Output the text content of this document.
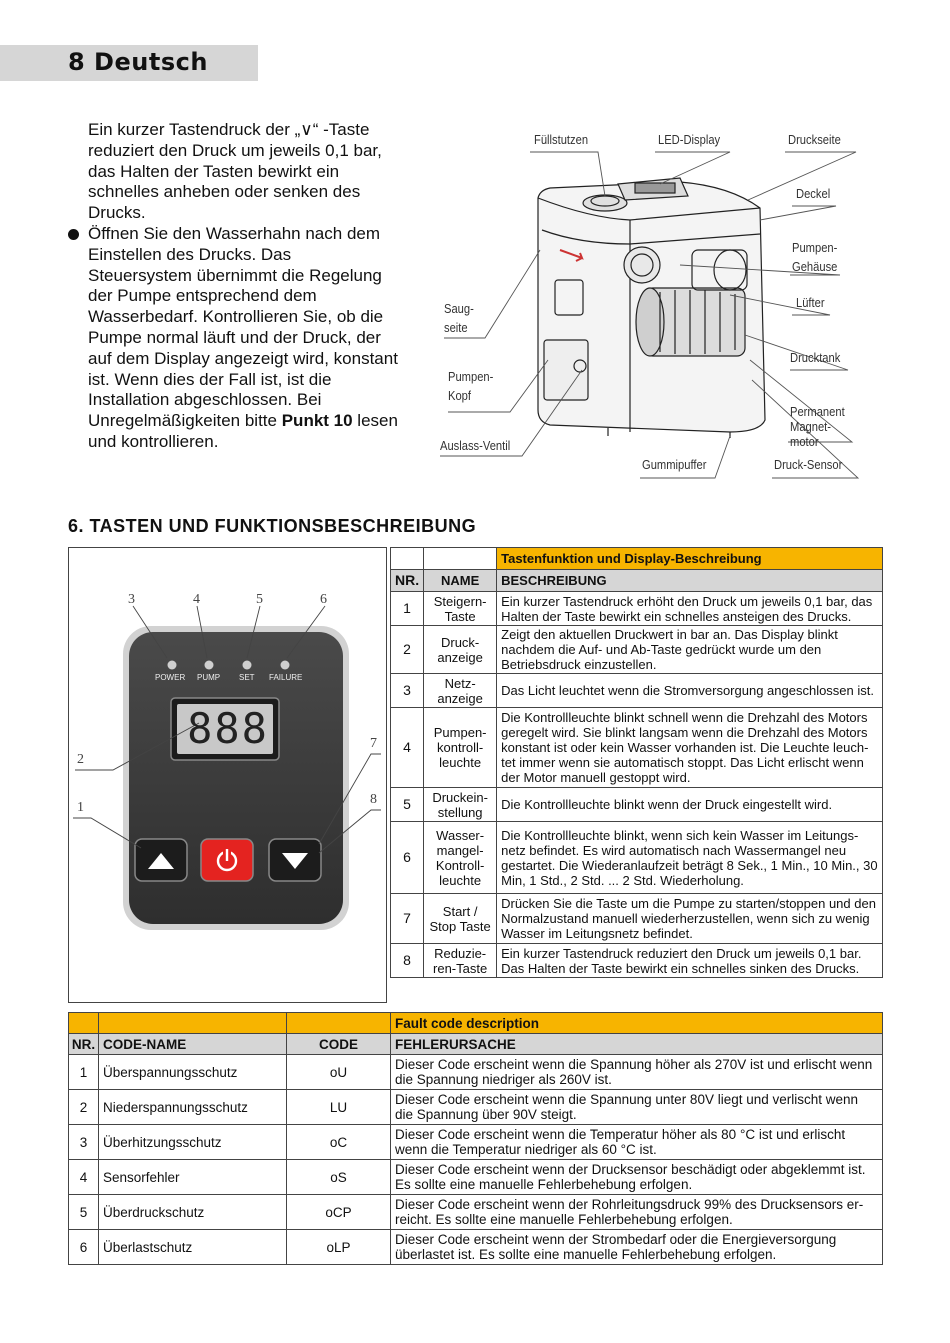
8 Deutsch

Ein kurzer Tastendruck der „∨“ -Taste reduziert den Druck um jeweils 0,1 bar, das Halten der Tasten bewirkt ein schnelles anheben oder senken des Drucks.

Öffnen Sie den Wasserhahn nach dem Einstellen des Drucks. Das Steuersystem übernimmt die Regelung der Pumpe entsprechend dem Wasserbedarf. Kontrollieren Sie, ob die Pumpe normal läuft und der Druck, der auf dem Display angezeigt wird, konstant ist. Wenn dies der Fall ist, ist die Installation abgeschlossen. Bei Unregelmäßigkeiten bitte Punkt 10 lesen und kontrollieren.

Füllstutzen	LED-Display	Druckseite
Deckel
Pumpen-
Gehäuse
Lüfter
Drucktank
Permanent
Magnet-
motor
Druck-Sensor
Gummipuffer
Auslass-Ventil
Pumpen-
Kopf
Saug-
seite
6. TASTEN UND FUNKTIONSBESCHREIBUNG
POWER PUMP SET FAILURE
888
3	4	5	6
2
1
7
8
		Tastenfunktion und Display-Beschreibung
NR.	NAME	BESCHREIBUNG
1	Steigern-Taste	Ein kurzer Tastendruck erhöht den Druck um jeweils 0,1 bar, das Halten der Taste bewirkt ein schnelles ansteigen des Drucks.
2	Druck-anzeige	Zeigt den aktuellen Druckwert in bar an. Das Display blinkt nachdem die Auf- und Ab-Taste gedrückt wurde um den Betriebsdruck einzustellen.
3	Netz-anzeige	Das Licht leuchtet wenn die Stromversorgung angeschlossen ist.
4	Pumpen-kontroll-leuchte	Die Kontrollleuchte blinkt schnell wenn die Drehzahl des Motors geregelt wird. Sie blinkt langsam wenn die Drehzahl des Motors konstant ist oder kein Wasser vorhanden ist. Die Leuchte leuchtet immer wenn sie automatisch stoppt. Das Licht erlischt wenn der Motor manuell gestoppt wird.
5	Druckein-stellung	Die Kontrollleuchte blinkt wenn der Druck eingestellt wird.
6	Wasser-mangel-Kontroll-leuchte	Die Kontrollleuchte blinkt, wenn sich kein Wasser im Leitungsnetz befindet. Es wird automatisch nach Wassermangel neu gestartet. Die Wiederanlaufzeit beträgt 8 Sek., 1 Min., 10 Min., 30 Min, 1 Std., 2 Std. ... 2 Std. Wiederholung.
7	Start / Stop Taste	Drücken Sie die Taste um die Pumpe zu starten/stoppen und den Normalzustand manuell wiederherzustellen, wenn sich zu wenig Wasser im Leitungsnetz befindet.
8	Reduzie-ren-Taste	Ein kurzer Tastendruck reduziert den Druck um jeweils 0,1 bar. Das Halten der Taste bewirkt ein schnelles sinken des Drucks.
			Fault code description
NR.	CODE-NAME	CODE	FEHLERURSACHE
1	Überspannungsschutz	oU	Dieser Code erscheint wenn die Spannung höher als 270V ist und erlischt wenn die Spannung niedriger als 260V ist.
2	Niederspannungsschutz	LU	Dieser Code erscheint wenn die Spannung unter 80V liegt und verlischt wenn die Spannung über 90V steigt.
3	Überhitzungsschutz	oC	Dieser Code erscheint wenn die Temperatur höher als 80 °C ist und erlischt wenn die Temperatur niedriger als 60 °C ist.
4	Sensorfehler	oS	Dieser Code erscheint wenn der Drucksensor beschädigt oder abgeklemmt ist. Es sollte eine manuelle Fehlerbehebung erfolgen.
5	Überdruckschutz	oCP	Dieser Code erscheint wenn der Rohrleitungsdruck 99% des Drucksensors erreicht. Es sollte eine manuelle Fehlerbehebung erfolgen.
6	Überlastschutz	oLP	Dieser Code erscheint wenn der Strombedarf oder die Energieversorgung überlastet ist. Es sollte eine manuelle Fehlerbehebung erfolgen.
